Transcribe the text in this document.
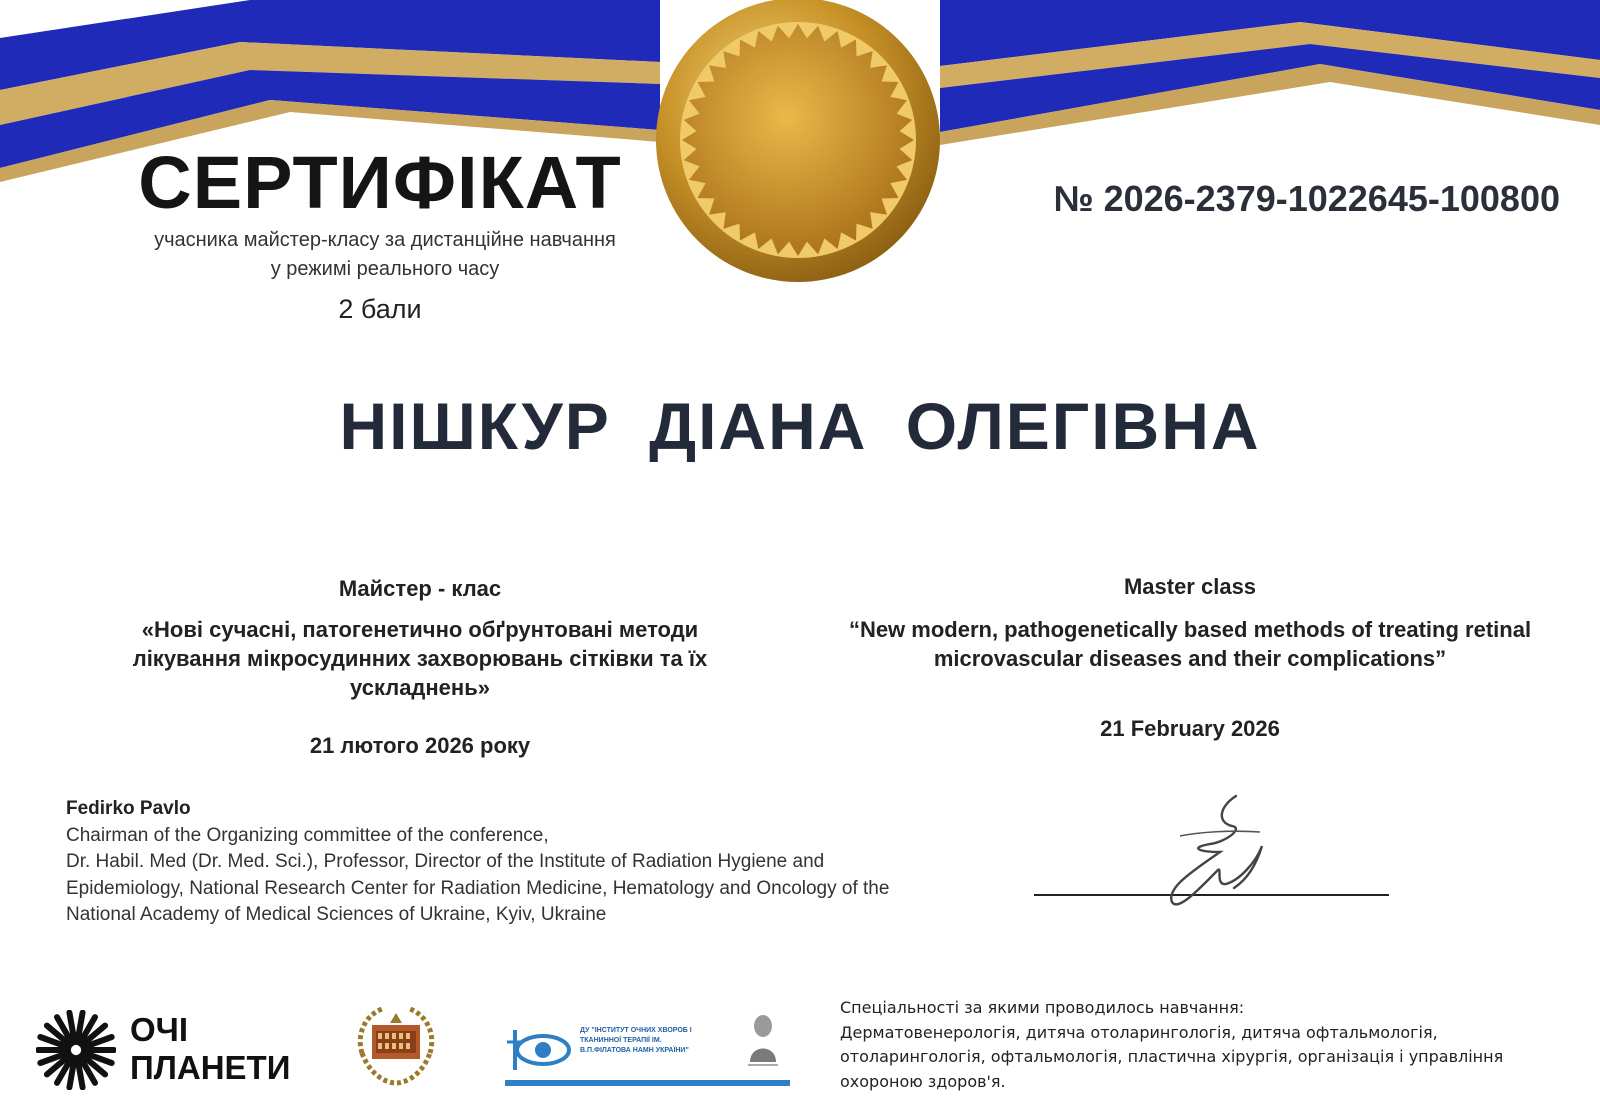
СЕРТИФІКАТ
учасника майстер-класу за дистанційне навчання
у режимі реального часу
2 бали
№ 2026-2379-1022645-100800
НІШКУР ДІАНА ОЛЕГІВНА
Майстер - клас
«Нові сучасні, патогенетично обґрунтовані методи лікування мікросудинних захворювань сітківки та їх ускладнень»
21 лютого 2026 року
Master class
“New modern, pathogenetically based methods of treating retinal microvascular diseases and their complications”
21 February 2026
Fedirko Pavlo
Chairman of the Organizing committee of the conference,
Dr. Habil. Med (Dr. Med. Sci.), Professor, Director of the Institute of Radiation Hygiene and
Epidemiology, National Research Center for Radiation Medicine, Hematology and Oncology of the
National Academy of Medical Sciences of Ukraine, Kyiv, Ukraine
ОЧІ
ПЛАНЕТИ
ДУ "ІНСТИТУТ ОЧНИХ ХВОРОБ І ТКАНИННОЇ ТЕРАПІЇ ІМ. В.П.ФІЛАТОВА НАМН УКРАЇНИ"
Спеціальності за якими проводилось навчання:
Дерматовенерологія, дитяча отоларингологія, дитяча офтальмологія, отоларингологія, офтальмологія, пластична хірургія, організація і управління охороною здоров'я.
